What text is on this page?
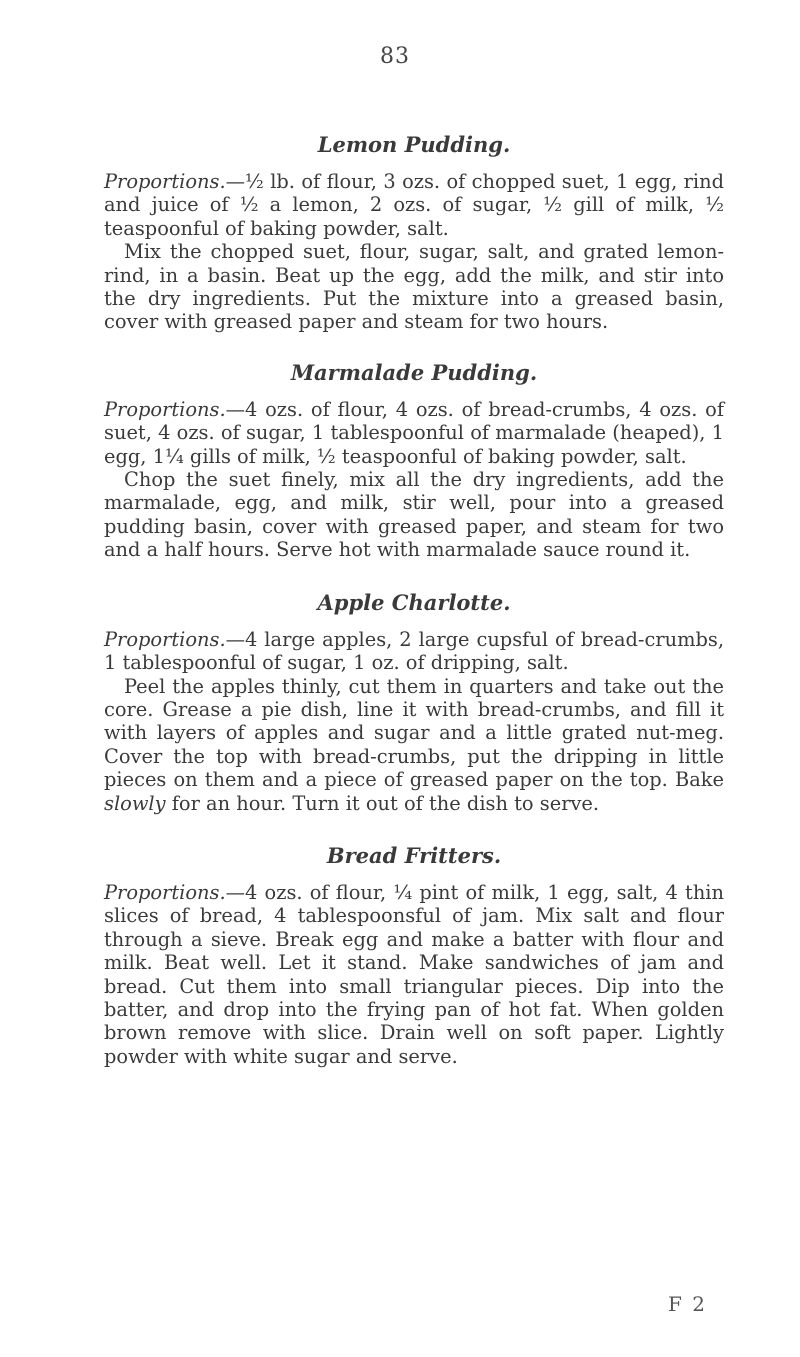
83
Lemon Pudding.

Proportions.—½ lb. of flour, 3 ozs. of chopped suet, 1 egg, rind and juice of ½ a lemon, 2 ozs. of sugar, ½ gill of milk, ½ teaspoonful of baking powder, salt.

Mix the chopped suet, flour, sugar, salt, and grated lemon-rind, in a basin. Beat up the egg, add the milk, and stir into the dry ingredients. Put the mixture into a greased basin, cover with greased paper and steam for two hours.

Marmalade Pudding.

Proportions.—4 ozs. of flour, 4 ozs. of bread-crumbs, 4 ozs. of suet, 4 ozs. of sugar, 1 tablespoonful of marmalade (heaped), 1 egg, 1¼ gills of milk, ½ teaspoonful of baking powder, salt.

Chop the suet finely, mix all the dry ingredients, add the marmalade, egg, and milk, stir well, pour into a greased pudding basin, cover with greased paper, and steam for two and a half hours. Serve hot with marmalade sauce round it.

Apple Charlotte.

Proportions.—4 large apples, 2 large cupsful of bread-crumbs, 1 tablespoonful of sugar, 1 oz. of dripping, salt.

Peel the apples thinly, cut them in quarters and take out the core. Grease a pie dish, line it with bread-crumbs, and fill it with layers of apples and sugar and a little grated nut-meg. Cover the top with bread-crumbs, put the dripping in little pieces on them and a piece of greased paper on the top. Bake slowly for an hour. Turn it out of the dish to serve.

Bread Fritters.

Proportions.—4 ozs. of flour, ¼ pint of milk, 1 egg, salt, 4 thin slices of bread, 4 tablespoonsful of jam. Mix salt and flour through a sieve. Break egg and make a batter with flour and milk. Beat well. Let it stand. Make sandwiches of jam and bread. Cut them into small triangular pieces. Dip into the batter, and drop into the frying pan of hot fat. When golden brown remove with slice. Drain well on soft paper. Lightly powder with white sugar and serve.

F 2
